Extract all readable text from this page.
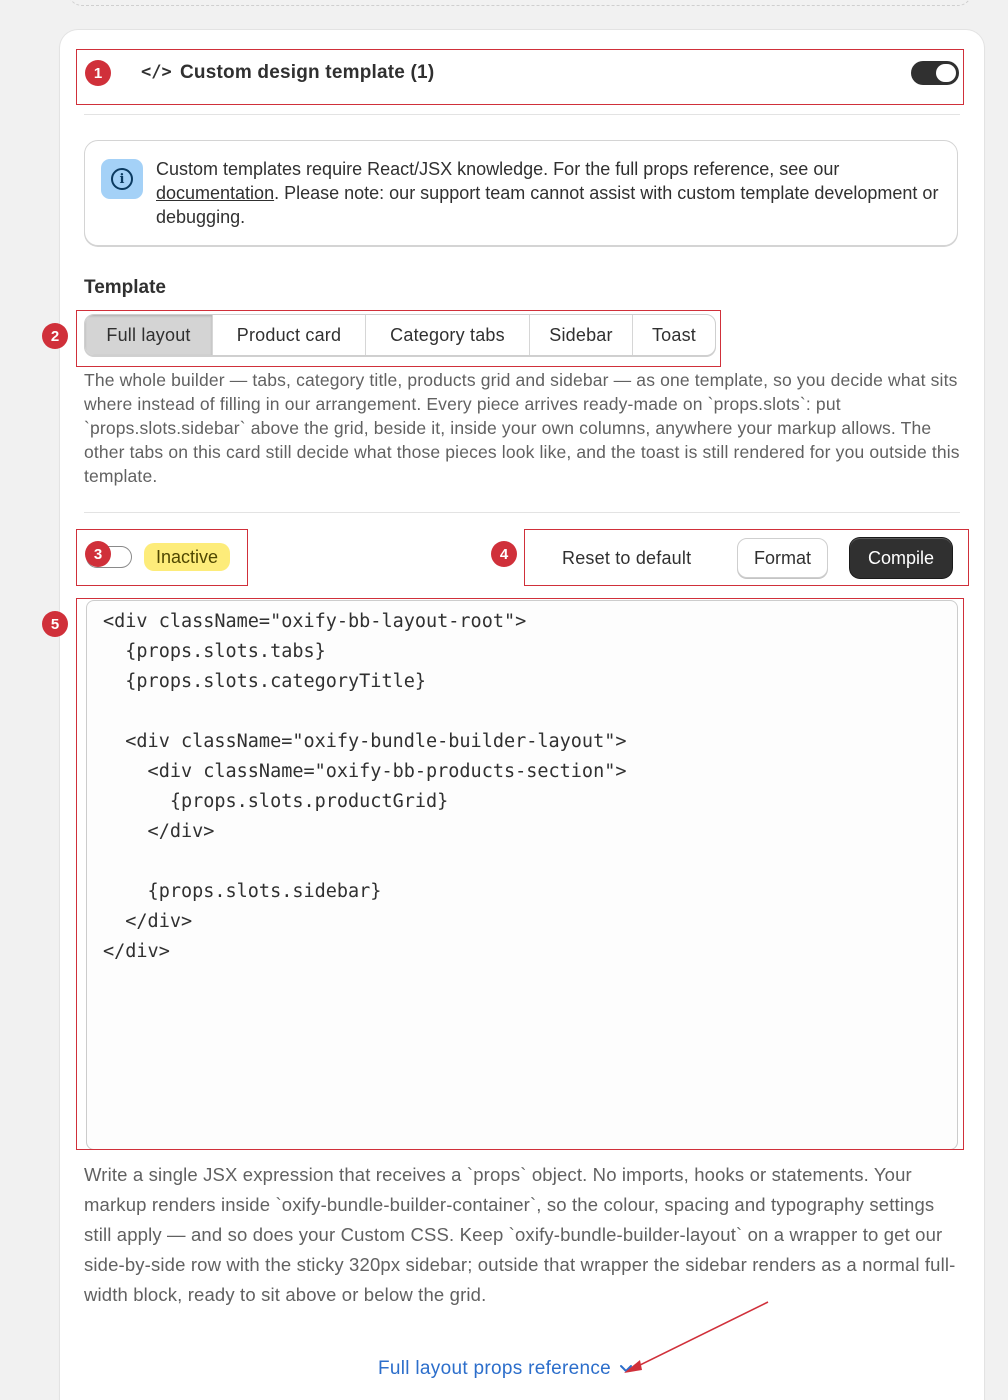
</> Custom design template (1)
i	Custom templates require React/JSX knowledge. For the full props reference, see our documentation. Please note: our support team cannot assist with custom template development or debugging.
Template
Full layout	Product card	Category tabs	Sidebar	Toast
The whole builder — tabs, category title, products grid and sidebar — as one template, so you decide what sits where instead of filling in our arrangement. Every piece arrives ready-made on `props.slots`: put `props.slots.sidebar` above the grid, beside it, inside your own columns, anywhere your markup allows. The other tabs on this card still decide what those pieces look like, and the toast is still rendered for you outside this template.
Inactive	Reset to default	Format	Compile
<div className="oxify-bb-layout-root">
{props.slots.tabs}
{props.slots.categoryTitle}

<div className="oxify-bundle-builder-layout">
<div className="oxify-bb-products-section">
{props.slots.productGrid}
</div>

{props.slots.sidebar}
</div>
</div>
Write a single JSX expression that receives a `props` object. No imports, hooks or statements. Your markup renders inside `oxify-bundle-builder-container`, so the colour, spacing and typography settings still apply — and so does your Custom CSS. Keep `oxify-bundle-builder-layout` on a wrapper to get our side-by-side row with the sticky 320px sidebar; outside that wrapper the sidebar renders as a normal full-width block, ready to sit above or below the grid.
Full layout props reference
1
2
3	4
5
